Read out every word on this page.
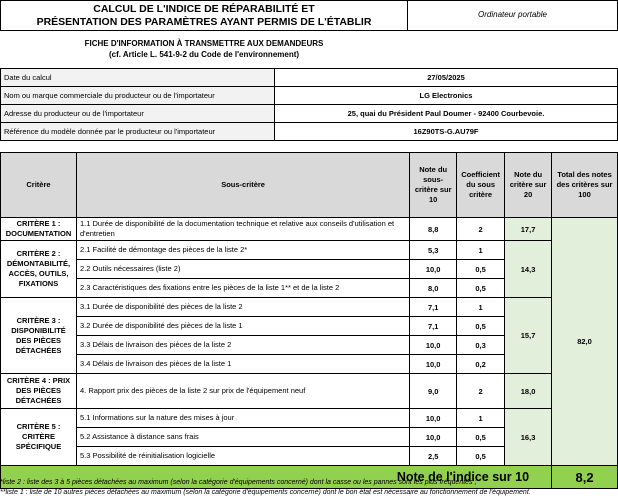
CALCUL DE L'INDICE DE RÉPARABILITÉ ET
PRÉSENTATION DES PARAMÈTRES AYANT PERMIS DE L'ÉTABLIR
Ordinateur portable
FICHE D'INFORMATION À TRANSMETTRE AUX DEMANDEURS
(cf. Article L. 541-9-2 du Code de l'environnement)
Date du calcul	27/05/2025
Nom ou marque commerciale du producteur ou de l'importateur	LG Electronics
Adresse du producteur ou de l'importateur	25, quai du Président Paul Doumer - 92400 Courbevoie.
Référence du modèle donnée par le producteur ou l'importateur	16Z90TS-G.AU79F
Critère	Sous-critère	Note du sous-critère sur 10	Coefficient du sous critère	Note du critère sur 20	Total des notes des critères sur 100
CRITÈRE 1 : DOCUMENTATION	1.1 Durée de disponibilité de la documentation technique et relative aux conseils d'utilisation et d'entretien	8,8	2	17,7	82,0
CRITÈRE 2 : DÉMONTABILITÉ, ACCÈS, OUTILS, FIXATIONS	2.1 Facilité de démontage des pièces de la liste 2*	5,3	1	14,3	
	2.2 Outils nécessaires (liste 2)	10,0	0,5		
	2.3 Caractéristiques des fixations entre les pièces de la liste 1** et de la liste 2	8,0	0,5		
CRITÈRE 3 : DISPONIBILITÉ DES PIÈCES DÉTACHÉES	3.1 Durée de disponibilité des pièces de la liste 2	7,1	1	15,7	
	3.2 Durée de disponibilité des pièces de la liste 1	7,1	0,5		
	3.3 Délais de livraison des pièces de la liste 2	10,0	0,3		
	3.4 Délais de livraison des pièces de la liste 1	10,0	0,2		
CRITÈRE 4 : PRIX DES PIÈCES DÉTACHÉES	4. Rapport prix des pièces de la liste 2 sur prix de l'équipement neuf	9,0	2	18,0	
CRITÈRE 5 : CRITÈRE SPÉCIFIQUE	5.1 Informations sur la nature des mises à jour	10,0	1	16,3	
	5.2 Assistance à distance sans frais	10,0	0,5		
	5.3 Possibilité de réinitialisation logicielle	2,5	0,5		
Note de l'indice sur 10					8,2
*liste 2 : liste des 3 à 5 pièces détachées au maximum (selon la catégorie d'équipements concerné) dont la casse ou les pannes sont les plus fréquentes ;
**liste 1 : liste de 10 autres pièces détachées au maximum (selon la catégorie d'équipements concerné) dont le bon état est nécessaire au fonctionnement de l'équipement.
